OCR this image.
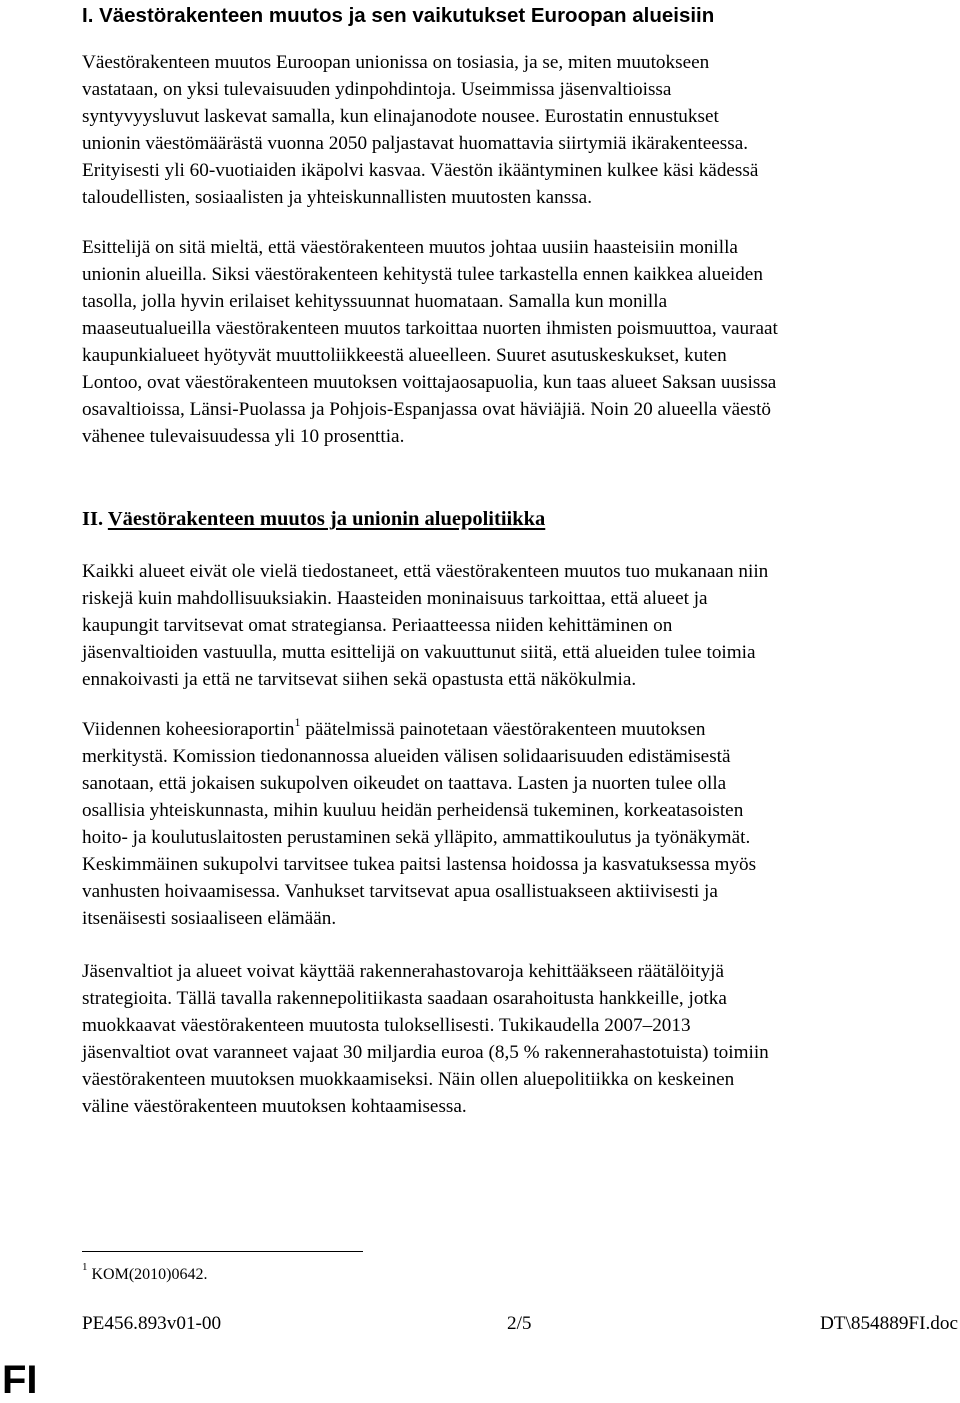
I. Väestörakenteen muutos ja sen vaikutukset Euroopan alueisiin

Väestörakenteen muutos Euroopan unionissa on tosiasia, ja se, miten muutokseen
vastataan, on yksi tulevaisuuden ydinpohdintoja. Useimmissa jäsenvaltioissa
syntyvyysluvut laskevat samalla, kun elinajanodote nousee. Eurostatin ennustukset
unionin väestömäärästä vuonna 2050 paljastavat huomattavia siirtymiä ikärakenteessa.
Erityisesti yli 60-vuotiaiden ikäpolvi kasvaa. Väestön ikääntyminen kulkee käsi kädessä
taloudellisten, sosiaalisten ja yhteiskunnallisten muutosten kanssa.

Esittelijä on sitä mieltä, että väestörakenteen muutos johtaa uusiin haasteisiin monilla
unionin alueilla. Siksi väestörakenteen kehitystä tulee tarkastella ennen kaikkea alueiden
tasolla, jolla hyvin erilaiset kehityssuunnat huomataan. Samalla kun monilla
maaseutualueilla väestörakenteen muutos tarkoittaa nuorten ihmisten poismuuttoa, vauraat
kaupunkialueet hyötyvät muuttoliikkeestä alueelleen. Suuret asutuskeskukset, kuten
Lontoo, ovat väestörakenteen muutoksen voittajaosapuolia, kun taas alueet Saksan uusissa
osavaltioissa, Länsi-Puolassa ja Pohjois-Espanjassa ovat häviäjiä. Noin 20 alueella väestö
vähenee tulevaisuudessa yli 10 prosenttia.

II. Väestörakenteen muutos ja unionin aluepolitiikka

Kaikki alueet eivät ole vielä tiedostaneet, että väestörakenteen muutos tuo mukanaan niin
riskejä kuin mahdollisuuksiakin. Haasteiden moninaisuus tarkoittaa, että alueet ja
kaupungit tarvitsevat omat strategiansa. Periaatteessa niiden kehittäminen on
jäsenvaltioiden vastuulla, mutta esittelijä on vakuuttunut siitä, että alueiden tulee toimia
ennakoivasti ja että ne tarvitsevat siihen sekä opastusta että näkökulmia.

Viidennen koheesioraportin$^1$ päätelmissä painotetaan väestörakenteen muutoksen
merkitystä. Komission tiedonannossa alueiden välisen solidaarisuuden edistämisestä
sanotaan, että jokaisen sukupolven oikeudet on taattava. Lasten ja nuorten tulee olla
osallisia yhteiskunnasta, mihin kuuluu heidän perheidensä tukeminen, korkeatasoisten
hoito- ja koulutuslaitosten perustaminen sekä ylläpito, ammattikoulutus ja työnäkymät.
Keskimmäinen sukupolvi tarvitsee tukea paitsi lastensa hoidossa ja kasvatuksessa myös
vanhusten hoivaamisessa. Vanhukset tarvitsevat apua osallistuakseen aktiivisesti ja
itsenäisesti sosiaaliseen elämään.

Jäsenvaltiot ja alueet voivat käyttää rakennerahastovaroja kehittääkseen räätälöityjä
strategioita. Tällä tavalla rakennepolitiikasta saadaan osarahoitusta hankkeille, jotka
muokkaavat väestörakenteen muutosta tuloksellisesti. Tukikaudella 2007–2013
jäsenvaltiot ovat varanneet vajaat 30 miljardia euroa (8,5 % rakennerahastotuista) toimiin
väestörakenteen muutoksen muokkaamiseksi. Näin ollen aluepolitiikka on keskeinen
väline väestörakenteen muutoksen kohtaamisessa.

$^1$ KOM(2010)0642.
PE456.893v01-00	2/5	DT\854889FI.doc
FI
